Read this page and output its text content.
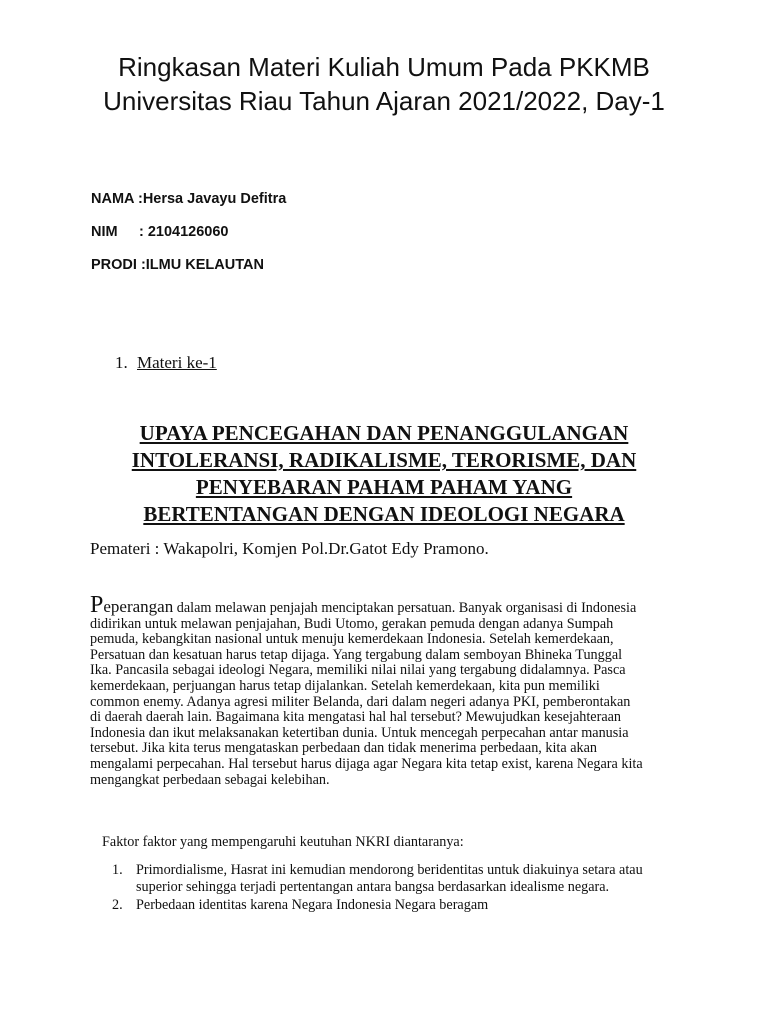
Ringkasan Materi Kuliah Umum Pada PKKMB
Universitas Riau Tahun Ajaran 2021/2022, Day-1
NAMA :Hersa Javayu Defitra
NIM : 2104126060
PRODI :ILMU KELAUTAN
1. Materi ke-1
UPAYA PENCEGAHAN DAN PENANGGULANGAN
INTOLERANSI, RADIKALISME, TERORISME, DAN
PENYEBARAN PAHAM PAHAM YANG
BERTENTANGAN DENGAN IDEOLOGI NEGARA
Pemateri : Wakapolri, Komjen Pol.Dr.Gatot Edy Pramono.
Peperangan dalam melawan penjajah menciptakan persatuan. Banyak organisasi di Indonesia
didirikan untuk melawan penjajahan, Budi Utomo, gerakan pemuda dengan adanya Sumpah
pemuda, kebangkitan nasional untuk menuju kemerdekaan Indonesia. Setelah kemerdekaan,
Persatuan dan kesatuan harus tetap dijaga. Yang tergabung dalam semboyan Bhineka Tunggal
Ika. Pancasila sebagai ideologi Negara, memiliki nilai nilai yang tergabung didalamnya. Pasca
kemerdekaan, perjuangan harus tetap dijalankan. Setelah kemerdekaan, kita pun memiliki
common enemy. Adanya agresi militer Belanda, dari dalam negeri adanya PKI, pemberontakan
di daerah daerah lain. Bagaimana kita mengatasi hal hal tersebut? Mewujudkan kesejahteraan
Indonesia dan ikut melaksanakan ketertiban dunia. Untuk mencegah perpecahan antar manusia
tersebut. Jika kita terus mengataskan perbedaan dan tidak menerima perbedaan, kita akan
mengalami perpecahan. Hal tersebut harus dijaga agar Negara kita tetap exist, karena Negara kita
mengangkat perbedaan sebagai kelebihan.
Faktor faktor yang mempengaruhi keutuhan NKRI diantaranya:
1. Primordialisme, Hasrat ini kemudian mendorong beridentitas untuk diakuinya setara atau
superior sehingga terjadi pertentangan antara bangsa berdasarkan idealisme negara.
2. Perbedaan identitas karena Negara Indonesia Negara beragam
